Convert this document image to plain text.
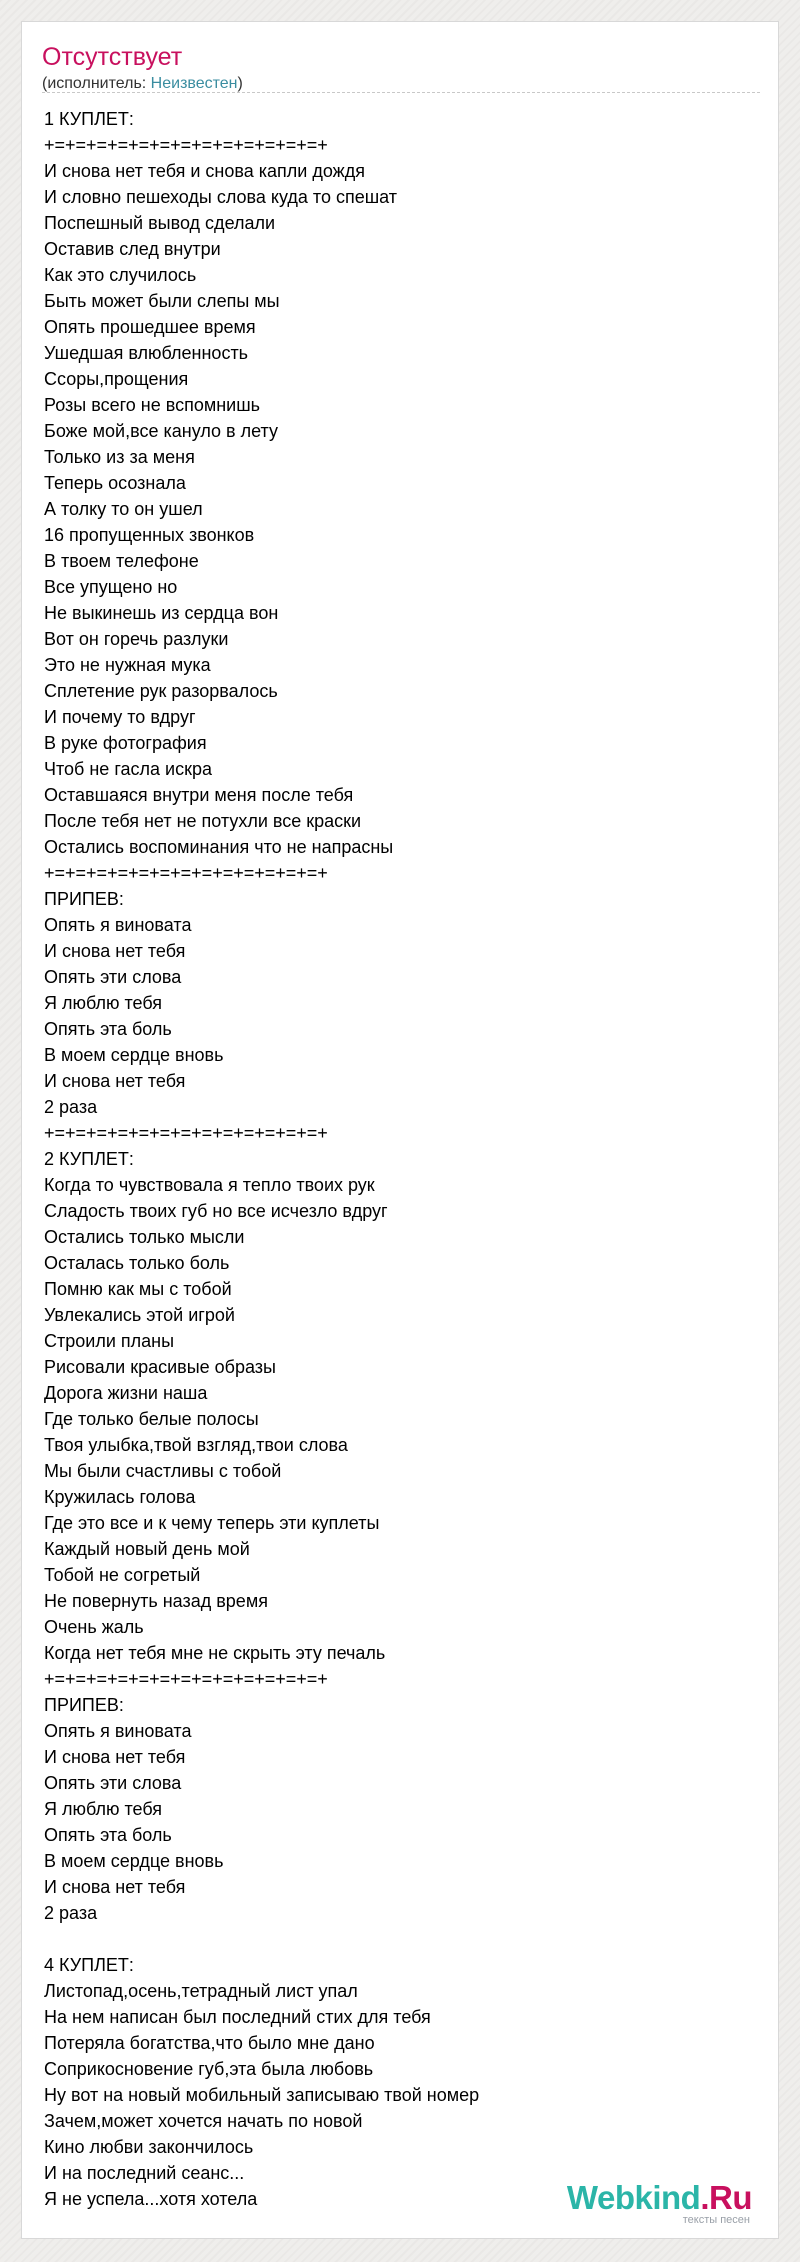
Отсутствует
(исполнитель: Неизвестен)
1 КУПЛЕТ:
+=+=+=+=+=+=+=+=+=+=+=+=+=+
И снова нет тебя и снова капли дождя
И словно пешеходы слова куда то спешат
Поспешный вывод сделали
Оставив след внутри
Как это случилось
Быть может были слепы мы
Опять прошедшее время
Ушедшая влюбленность
Ссоры,прощения
Розы всего не вспомнишь
Боже мой,все кануло в лету
Только из за меня
Теперь осознала
А толку то он ушел
16 пропущенных звонков
В твоем телефоне
Все упущено но
Не выкинешь из сердца вон
Вот он горечь разлуки
Это не нужная мука
Сплетение рук разорвалось
И почему то вдруг
В руке фотография
Чтоб не гасла искра
Оставшаяся внутри меня после тебя
После тебя нет не потухли все краски
Остались воспоминания что не напрасны
+=+=+=+=+=+=+=+=+=+=+=+=+=+
ПРИПЕВ:
Опять я виновата
И снова нет тебя
Опять эти слова
Я люблю тебя
Опять эта боль
В моем сердце вновь
И снова нет тебя
2 раза
+=+=+=+=+=+=+=+=+=+=+=+=+=+
2 КУПЛЕТ:
Когда то чувствовала я тепло твоих рук
Сладость твоих губ но все исчезло вдруг
Остались только мысли
Осталась только боль
Помню как мы с тобой
Увлекались этой игрой
Строили планы
Рисовали красивые образы
Дорога жизни наша
Где только белые полосы
Твоя улыбка,твой взгляд,твои слова
Мы были счастливы с тобой
Кружилась голова
Где это все и к чему теперь эти куплеты
Каждый новый день мой
Тобой не согретый
Не повернуть назад время
Очень жаль
Когда нет тебя мне не скрыть эту печаль
+=+=+=+=+=+=+=+=+=+=+=+=+=+
ПРИПЕВ:
Опять я виновата
И снова нет тебя
Опять эти слова
Я люблю тебя
Опять эта боль
В моем сердце вновь
И снова нет тебя
2 раза
4 КУПЛЕТ:
Листопад,осень,тетрадный лист упал
На нем написан был последний стих для тебя
Потеряла богатства,что было мне дано
Соприкосновение губ,эта была любовь
Ну вот на новый мобильный записываю твой номер
Зачем,может хочется начать по новой
Кино любви закончилось
И на последний сеанс...
Я не успела...хотя хотела	Webkind.Ru
тексты песен
